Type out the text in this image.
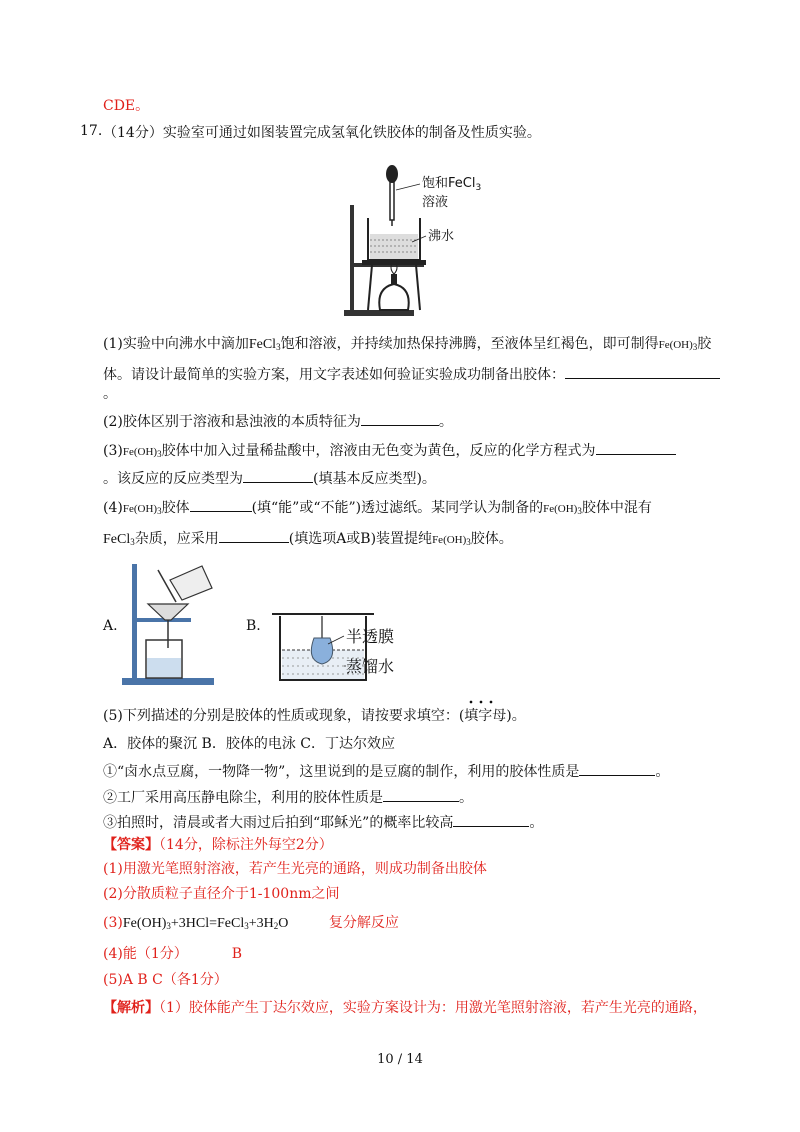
CDE。
17. （14分）实验室可通过如图装置完成氢氧化铁胶体的制备及性质实验。
饱和FeCl$_3$
溶液
沸水
(1)实验中向沸水中滴加FeCl$_3$饱和溶液，并持续加热保持沸腾，至液体呈红褐色，即可制得$Fe(OH)_3$胶
体。请设计最简单的实验方案，用文字表述如何验证实验成功制备出胶体：
。
(2)胶体区别于溶液和悬浊液的本质特征为	。
$(3)Fe(OH)_3$胶体中加入过量稀盐酸中，溶液由无色变为黄色，反应的化学方程式为
。该反应的反应类型为	(填基本反应类型)。
$(4)Fe(OH)_3$胶体	(填“能”或“不能”)透过滤纸。某同学认为制备的$Fe(OH)_3$胶体中混有
FeCl$_3$杂质，应采用	(填选项A或B)装置提纯$Fe(OH)_3$胶体。
A.	B.
半透膜
蒸馏水
(5)下列描述的分别是胶体的性质或现象，请按要求填空：(填字母)。
A．胶体的聚沉 B．胶体的电泳 C．丁达尔效应
①“卤水点豆腐，一物降一物”，这里说到的是豆腐的制作，利用的胶体性质是	。
②工厂采用高压静电除尘，利用的胶体性质是	。
③拍照时，清晨或者大雨过后拍到“耶稣光”的概率比较高	。
【答案】（14分，除标注外每空2分）
(1)用激光笔照射溶液，若产生光亮的通路，则成功制备出胶体
(2)分散质粒子直径介于1-100nm之间
$(3)Fe(OH)_3+3HCl=FeCl_3+3H_2O$	复分解反应
(4)能（1分）	B
(5)A B C（各1分）
【解析】（1）胶体能产生丁达尔效应，实验方案设计为：用激光笔照射溶液，若产生光亮的通路，
10 / 14
